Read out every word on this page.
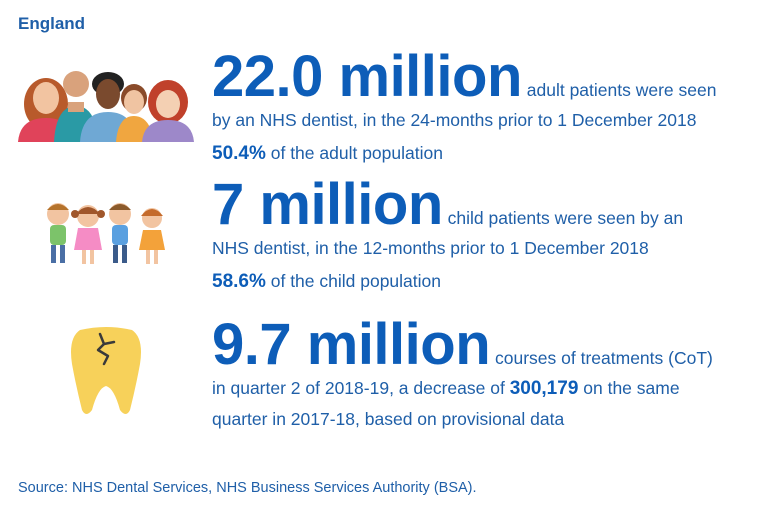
England
22.0 million adult patients were seen
by an NHS dentist, in the 24-months prior to 1 December 2018
50.4% of the adult population
7 million child patients were seen by an
NHS dentist, in the 12-months prior to 1 December 2018
58.6% of the child population
9.7 million courses of treatments (CoT)
in quarter 2 of 2018-19, a decrease of 300,179 on the same
quarter in 2017-18, based on provisional data
Source: NHS Dental Services, NHS Business Services Authority (BSA).
